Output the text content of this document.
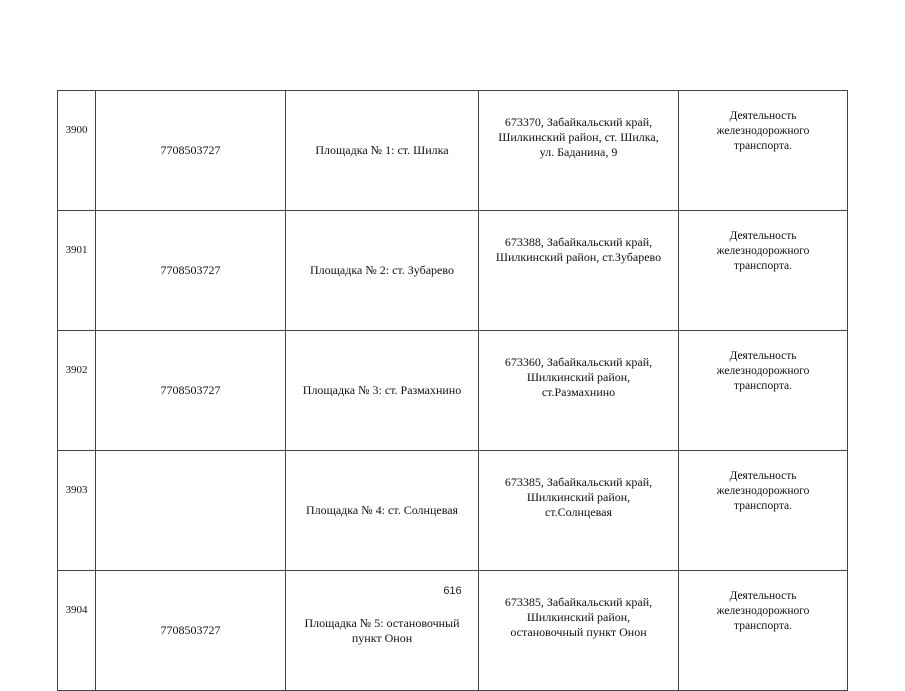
3900	7708503727	Площадка № 1: ст. Шилка	673370, Забайкальский край,
Шилкинский район, ст. Шилка,
ул. Баданина, 9	Деятельность
железнодорожного
транспорта.
3901	7708503727	Площадка № 2: ст. Зубарево	673388, Забайкальский край,
Шилкинский район, ст.Зубарево	Деятельность
железнодорожного
транспорта.
3902	7708503727	Площадка № 3: ст. Размахнино	673360, Забайкальский край,
Шилкинский район,
ст.Размахнино	Деятельность
железнодорожного
транспорта.
3903		Площадка № 4: ст. Солнцевая	673385, Забайкальский край,
Шилкинский район,
ст.Солнцевая	Деятельность
железнодорожного
транспорта.
3904	7708503727	Площадка № 5: остановочный
пункт Онон	673385, Забайкальский край,
Шилкинский район,
остановочный пункт Онон	Деятельность
железнодорожного
транспорта.
616
